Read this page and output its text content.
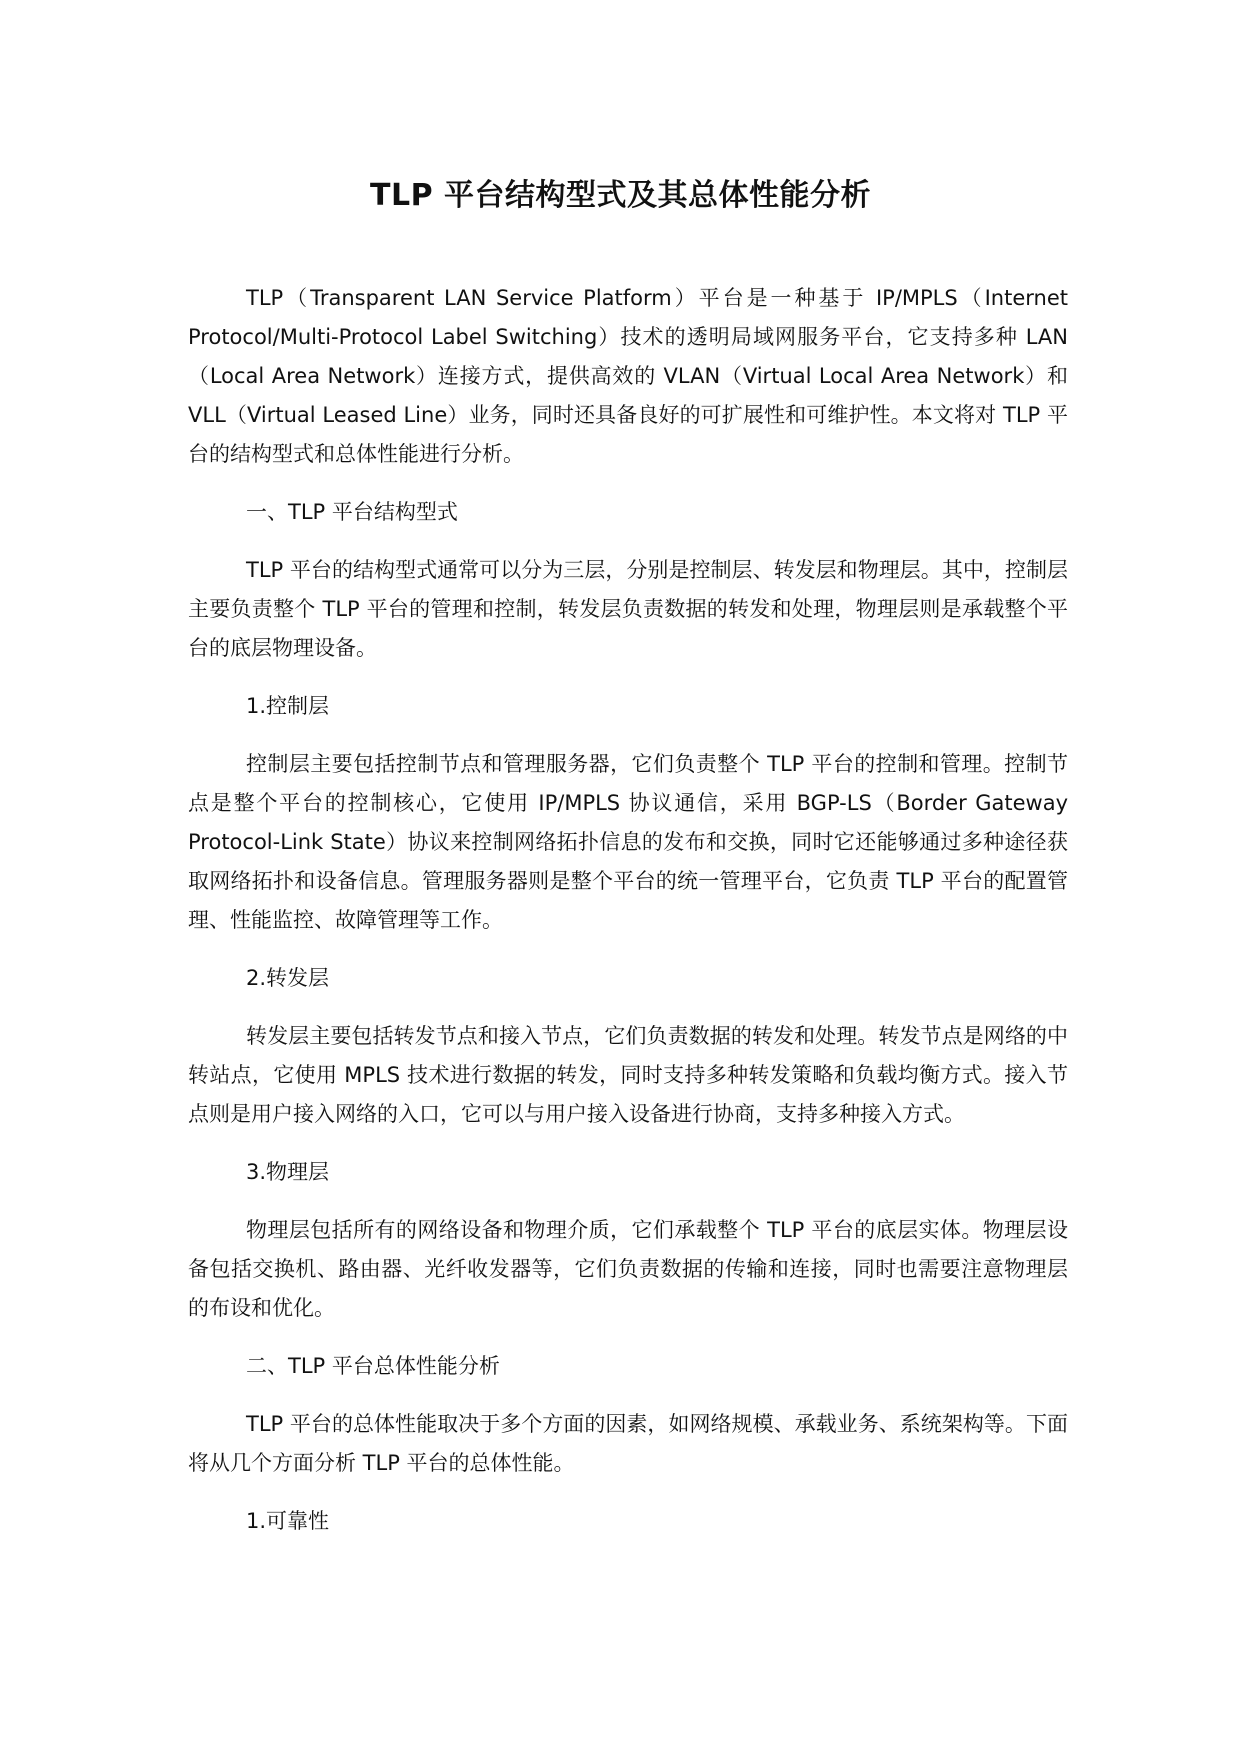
TLP 平台结构型式及其总体性能分析

TLP（Transparent LAN Service Platform）平台是一种基于 IP/MPLS（Internet Protocol/Multi-Protocol Label Switching）技术的透明局域网服务平台，它支持多种 LAN（Local Area Network）连接方式，提供高效的 VLAN（Virtual Local Area Network）和 VLL（Virtual Leased Line）业务，同时还具备良好的可扩展性和可维护性。本文将对 TLP 平台的结构型式和总体性能进行分析。

一、TLP 平台结构型式

TLP 平台的结构型式通常可以分为三层，分别是控制层、转发层和物理层。其中，控制层主要负责整个 TLP 平台的管理和控制，转发层负责数据的转发和处理，物理层则是承载整个平台的底层物理设备。

1.控制层

控制层主要包括控制节点和管理服务器，它们负责整个 TLP 平台的控制和管理。控制节点是整个平台的控制核心，它使用 IP/MPLS 协议通信，采用 BGP-LS（Border Gateway Protocol-Link State）协议来控制网络拓扑信息的发布和交换，同时它还能够通过多种途径获取网络拓扑和设备信息。管理服务器则是整个平台的统一管理平台，它负责 TLP 平台的配置管理、性能监控、故障管理等工作。

2.转发层

转发层主要包括转发节点和接入节点，它们负责数据的转发和处理。转发节点是网络的中转站点，它使用 MPLS 技术进行数据的转发，同时支持多种转发策略和负载均衡方式。接入节点则是用户接入网络的入口，它可以与用户接入设备进行协商，支持多种接入方式。

3.物理层

物理层包括所有的网络设备和物理介质，它们承载整个 TLP 平台的底层实体。物理层设备包括交换机、路由器、光纤收发器等，它们负责数据的传输和连接，同时也需要注意物理层的布设和优化。

二、TLP 平台总体性能分析

TLP 平台的总体性能取决于多个方面的因素，如网络规模、承载业务、系统架构等。下面将从几个方面分析 TLP 平台的总体性能。

1.可靠性
